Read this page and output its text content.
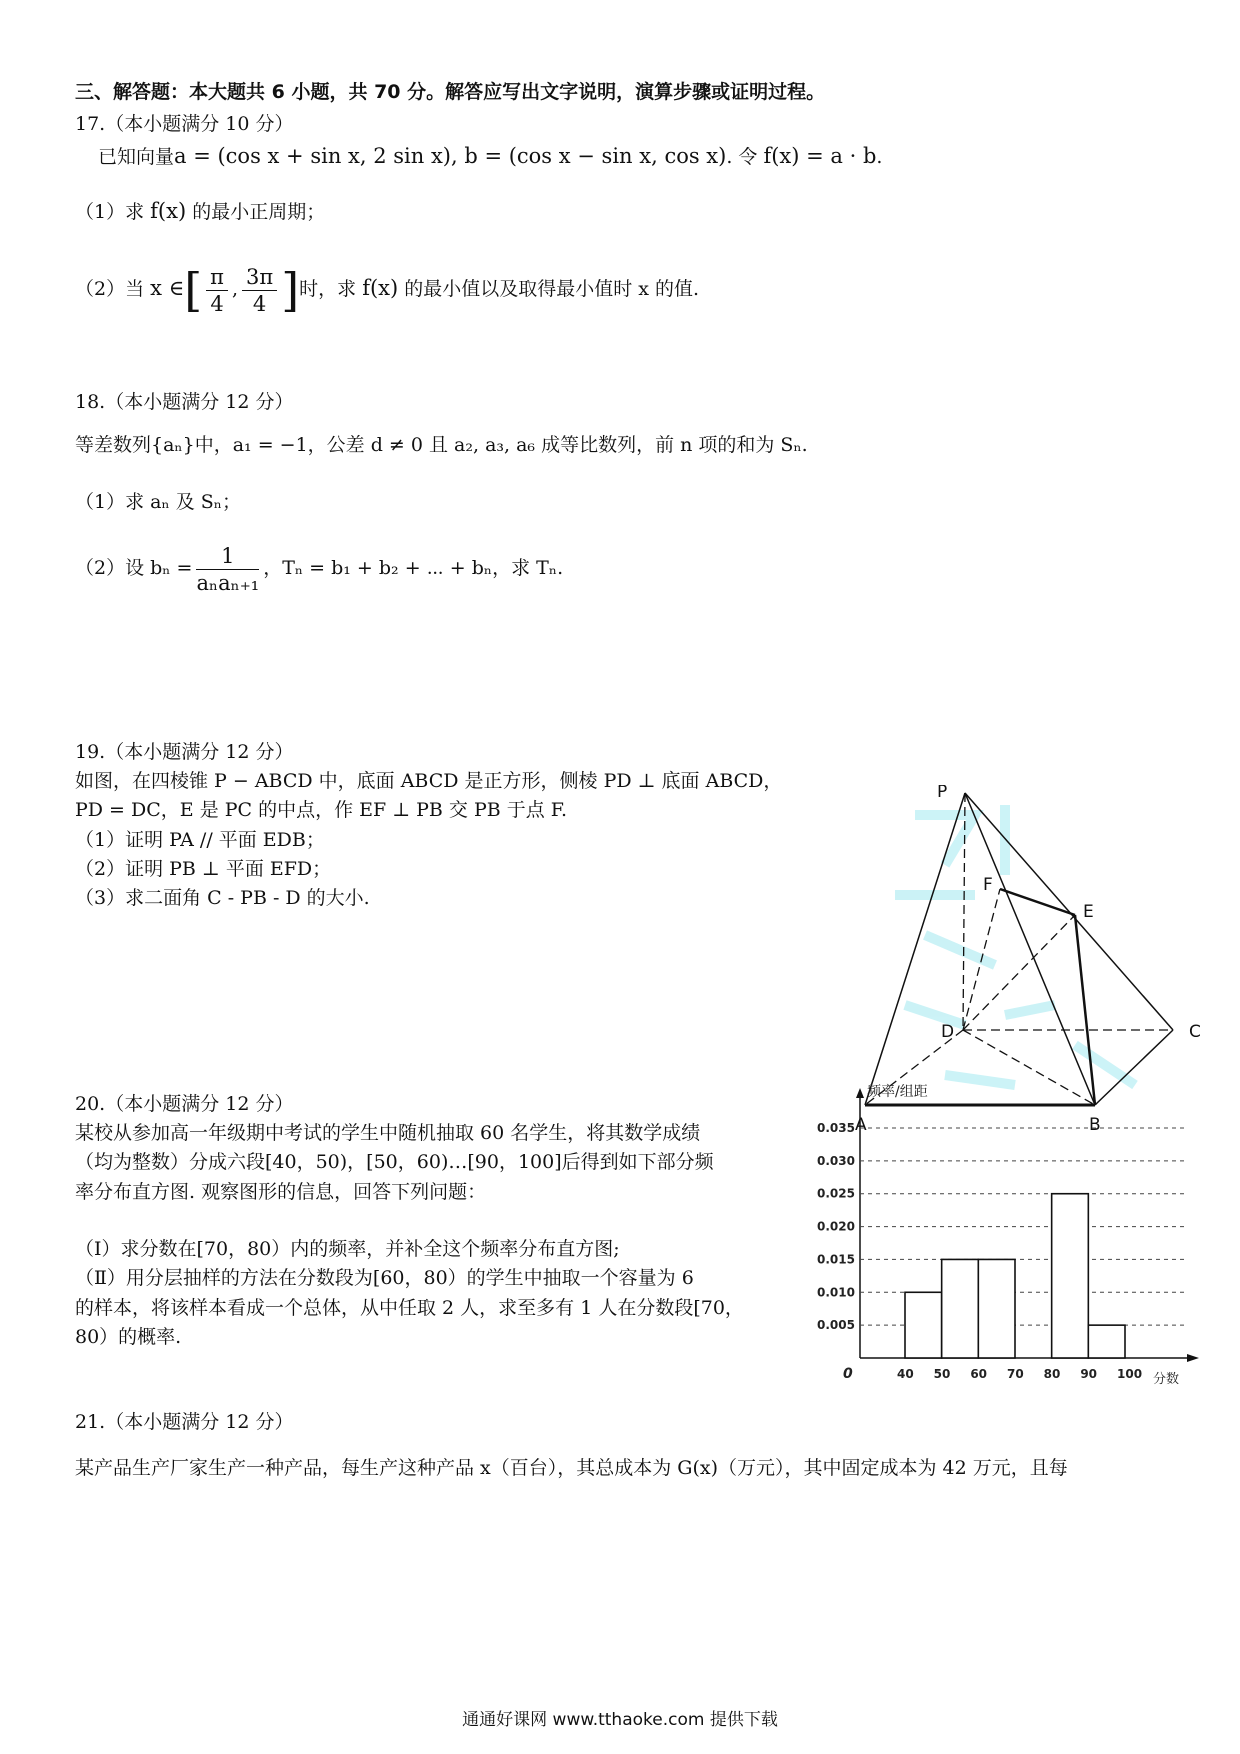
三、解答题：本大题共 6 小题，共 70 分。解答应写出文字说明，演算步骤或证明过程。
17.（本小题满分 10 分）
已知向量a = (cos x + sin x, 2 sin x), b = (cos x − sin x, cos x). 令 f(x) = a · b.
（1）求 f(x) 的最小正周期；
（2）当 x ∈[ $\frac{\pi}{4}$ , $\frac{3\pi}{4}$ ]时，求 f(x) 的最小值以及取得最小值时 x 的值.
18.（本小题满分 12 分）
等差数列{aₙ}中，a₁ = −1，公差 d ≠ 0 且 a₂, a₃, a₆ 成等比数列，前 n 项的和为 Sₙ.
（1）求 aₙ 及 Sₙ；
（2）设 $b_n = \frac{1}{\text{aₙaₙ₊₁}}$ ，Tₙ = b₁ + b₂ + ⋯ + bₙ，求 Tₙ.
19.（本小题满分 12 分）
如图，在四棱锥 P − ABCD 中，底面 ABCD 是正方形，侧棱 PD ⊥ 底面 ABCD，
PD = DC，E 是 PC 的中点，作 EF ⊥ PB 交 PB 于点 F.
（1）证明 PA // 平面 EDB；
（2）证明 PB ⊥ 平面 EFD；
（3）求二面角 C - PB - D 的大小.
P
F
E
D	C
A	B
20.（本小题满分 12 分）
某校从参加高一年级期中考试的学生中随机抽取 60 名学生，将其数学成绩
（均为整数）分成六段[40，50)，[50，60)…[90，100]后得到如下部分频
率分布直方图. 观察图形的信息，回答下列问题：
（Ⅰ）求分数在[70，80）内的频率，并补全这个频率分布直方图;
（Ⅱ）用分层抽样的方法在分数段为[60，80）的学生中抽取一个容量为 6
的样本，将该样本看成一个总体，从中任取 2 人，求至多有 1 人在分数段[70，
80）的概率.
频率/组距
分数
0
0.005
0.010
0.015
0.020
0.025
0.030
0.035
40 50 60 70 80 90 100
21.（本小题满分 12 分）
某产品生产厂家生产一种产品，每生产这种产品 x（百台），其总成本为 G(x)（万元），其中固定成本为 42 万元，且每
通通好课网 www.tthaoke.com 提供下载
